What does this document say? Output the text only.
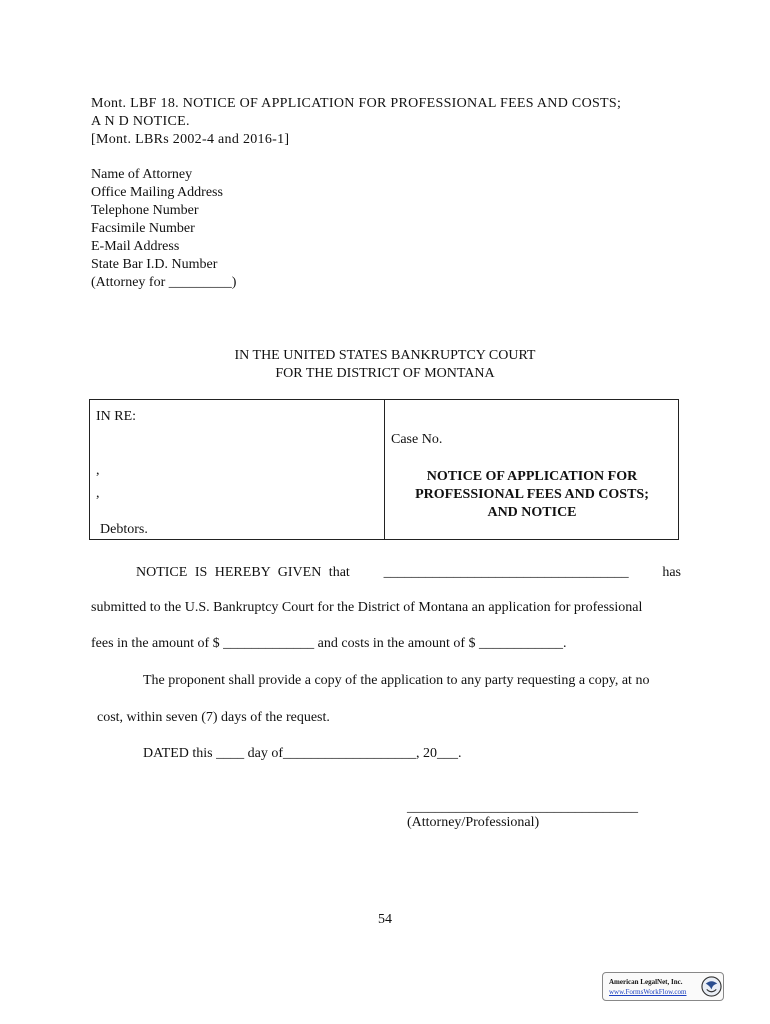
Mont. LBF 18. NOTICE OF APPLICATION FOR PROFESSIONAL FEES AND COSTS;
A N D NOTICE.
[Mont. LBRs 2002-4 and 2016-1]
Name of Attorney
Office Mailing Address
Telephone Number
Facsimile Number
E-Mail Address
State Bar I.D. Number
(Attorney for _________)
IN THE UNITED STATES BANKRUPTCY COURT
FOR THE DISTRICT OF MONTANA
IN RE:
,
,
Debtors.
Case No.
NOTICE OF APPLICATION FOR
PROFESSIONAL FEES AND COSTS;
AND NOTICE
NOTICE IS HEREBY GIVEN that ___________________________________ has
submitted to the U.S. Bankruptcy Court for the District of Montana an application for professional
fees in the amount of $ _____________ and costs in the amount of $ ____________.
The proponent shall provide a copy of the application to any party requesting a copy, at no
cost, within seven (7) days of the request.
DATED this ____ day of___________________, 20___.
_________________________________
(Attorney/Professional)
54
American LegalNet, Inc.
www.FormsWorkFlow.com
